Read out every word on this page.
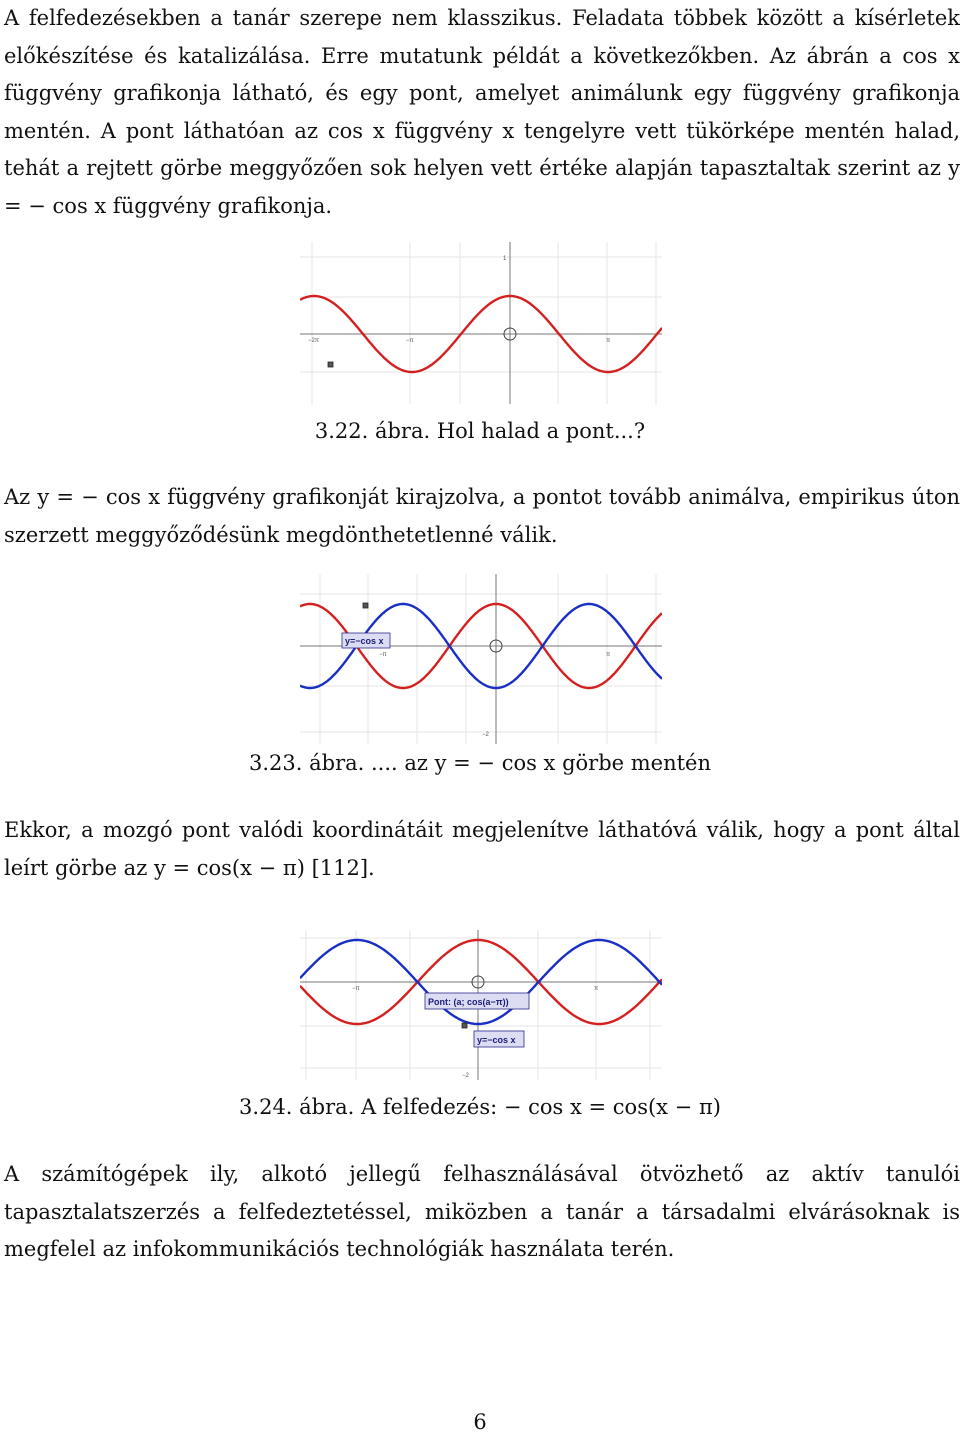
A felfedezésekben a tanár szerepe nem klasszikus. Feladata többek között a kísérletek előkészítése és katalizálása. Erre mutatunk példát a következőkben. Az ábrán a cos x függvény grafikonja látható, és egy pont, amelyet animálunk egy függvény grafikonja mentén. A pont láthatóan az cos x függvény x tengelyre vett tükörképe mentén halad, tehát a rejtett görbe meggyőzően sok helyen vett értéke alapján tapasztaltak szerint az y = − cos x függvény grafikonja.

−2π	−π	π
1

3.22. ábra. Hol halad a pont...?

Az y = − cos x függvény grafikonját kirajzolva, a pontot tovább animálva, empirikus úton szerzett meggyőződésünk megdönthetetlenné válik.

−π	π
−2
y=−cos x

3.23. ábra. .... az y = − cos x görbe mentén

Ekkor, a mozgó pont valódi koordinátáit megjelenítve láthatóvá válik, hogy a pont által leírt görbe az y = cos(x − π) [112].

−π	π
−2
Pont: (a; cos(a−π))
y=−cos x

3.24. ábra. A felfedezés: − cos x = cos(x − π)

A számítógépek ily, alkotó jellegű felhasználásával ötvözhető az aktív tanulói tapasztalatszerzés a felfedeztetéssel, miközben a tanár a társadalmi elvárásoknak is megfelel az infokommunikációs technológiák használata terén.

6
